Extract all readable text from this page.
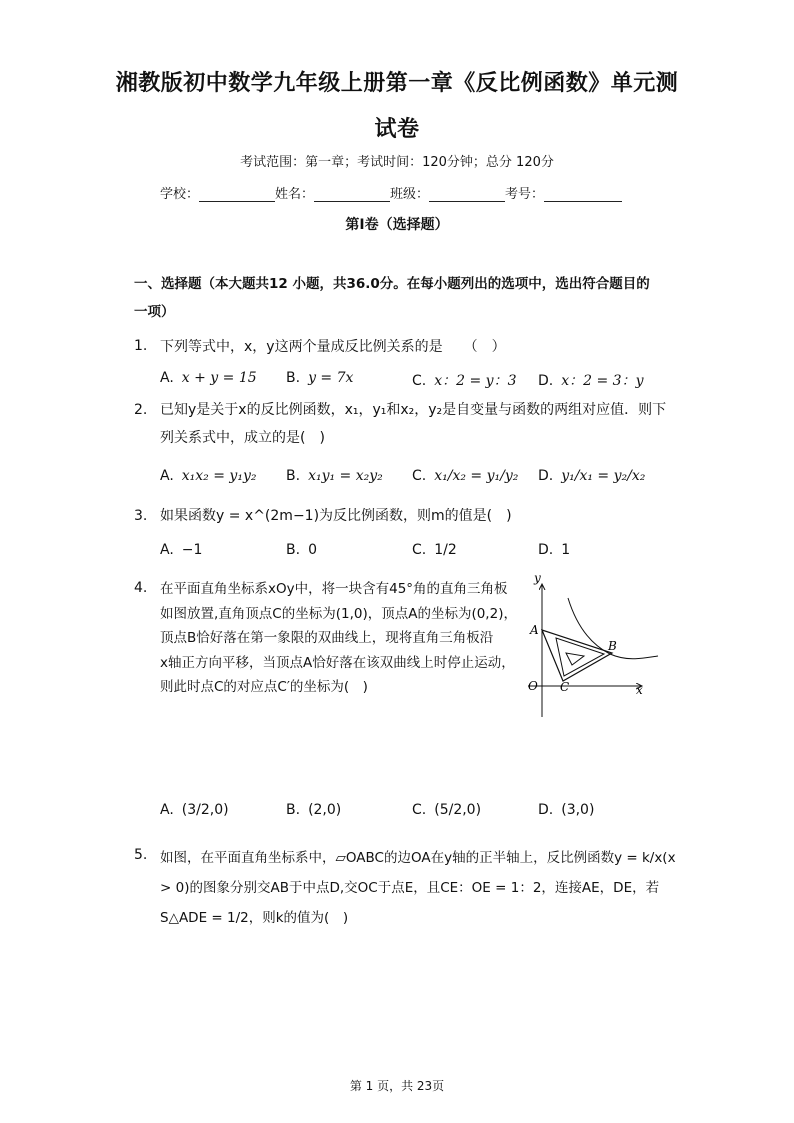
湘教版初中数学九年级上册第一章《反比例函数》单元测
试卷
考试范围：第一章；考试时间：120分钟；总分 120分
学校：	姓名：	班级：	考号：
第Ⅰ卷（选择题）
一、选择题（本大题共12 小题，共36.0分。在每小题列出的选项中，选出符合题目的
一项）
1. 下列等式中，x，y这两个量成反比例关系的是　　（　）
A. x + y = 15 B. y = 7x	C. x：2 = y：3 D. x：2 = 3：y
2. 已知y是关于x的反比例函数，x₁，y₁和x₂，y₂是自变量与函数的两组对应值．则下
列关系式中，成立的是(　)
A. x₁x₂ = y₁y₂ B. x₁y₁ = x₂y₂ C. x₁/x₂ = y₁/y₂ D. y₁/x₁ = y₂/x₂
3. 如果函数y = x^(2m−1)为反比例函数，则m的值是(　)
A. −1	B. 0	C. 1/2	D. 1
4. 在平面直角坐标系xOy中，将一块含有45°角的直角三角板
如图放置,直角顶点C的坐标为(1,0)，顶点A的坐标为(0,2)，
顶点B恰好落在第一象限的双曲线上，现将直角三角板沿
x轴正方向平移，当顶点A恰好落在该双曲线上时停止运动，
则此时点C的对应点C′的坐标为(　)
y
x
O
A
B
C
A. (3/2,0)	B. (2,0)	C. (5/2,0)	D. (3,0)
5. 如图，在平面直角坐标系中，▱OABC的边OA在y轴的正半轴上，反比例函数y = k/x(x
> 0)的图象分别交AB于中点D,交OC于点E，且CE：OE = 1：2，连接AE，DE，若
S△ADE = 1/2，则k的值为(　)
第 1 页，共 23页
